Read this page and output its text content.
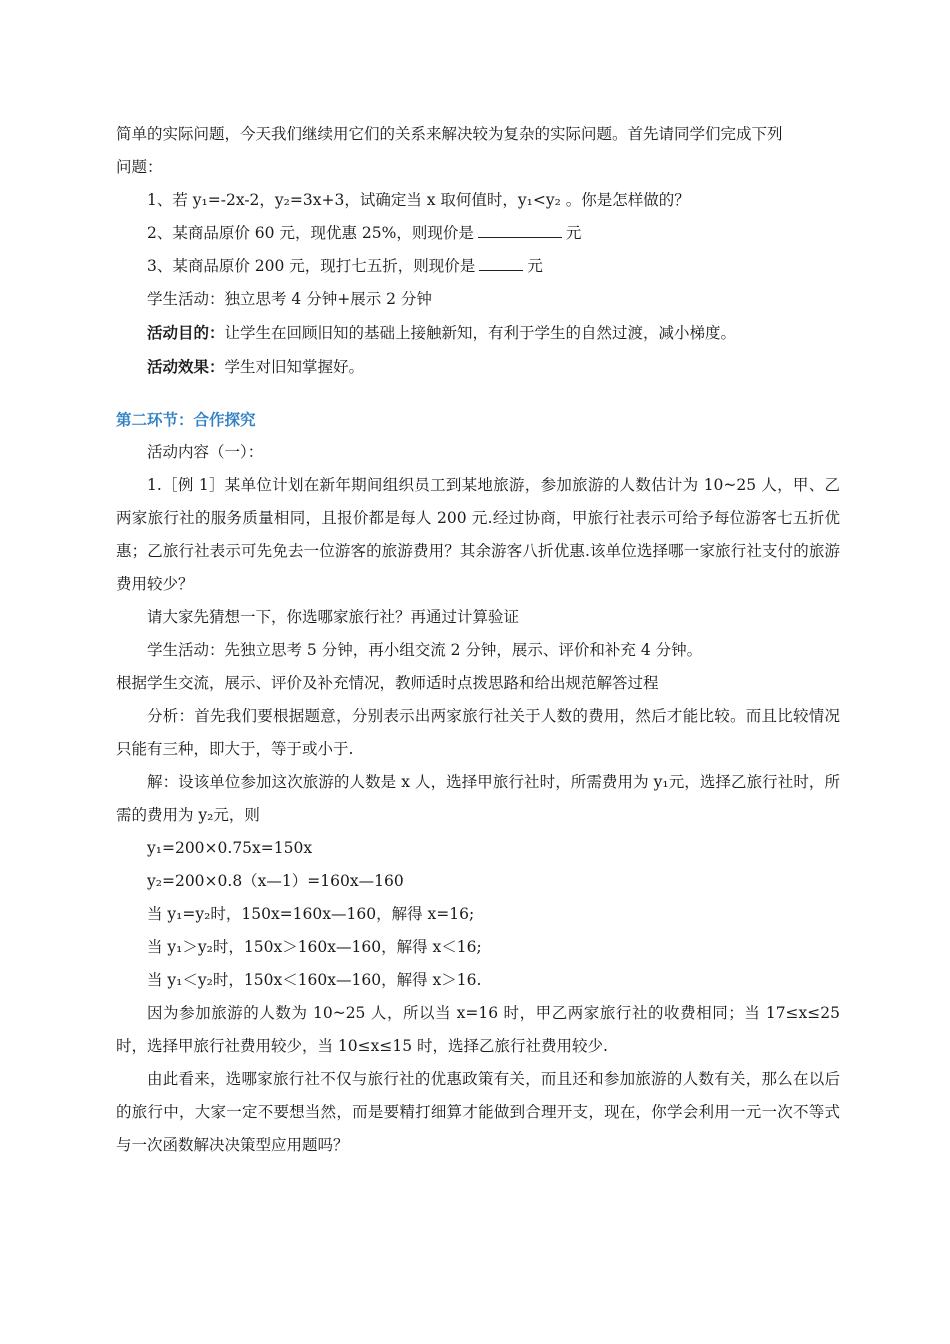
简单的实际问题，今天我们继续用它们的关系来解决较为复杂的实际问题。首先请同学们完成下列

问题：

1、若 y₁=-2x-2，y₂=3x+3，试确定当 x 取何值时，y₁<y₂ 。你是怎样做的？

2、某商品原价 60 元，现优惠 25%，则现价是	元

3、某商品原价 200 元，现打七五折，则现价是	元

学生活动：独立思考 4 分钟+展示 2 分钟

活动目的：让学生在回顾旧知的基础上接触新知，有利于学生的自然过渡，减小梯度。

活动效果：学生对旧知掌握好。

第二环节：合作探究

活动内容（一）：

1.［例 1］某单位计划在新年期间组织员工到某地旅游，参加旅游的人数估计为 10~25 人，甲、乙两家旅行社的服务质量相同，且报价都是每人 200 元.经过协商，甲旅行社表示可给予每位游客七五折优惠；乙旅行社表示可先免去一位游客的旅游费用？其余游客八折优惠.该单位选择哪一家旅行社支付的旅游费用较少？

请大家先猜想一下，你选哪家旅行社？再通过计算验证

学生活动：先独立思考 5 分钟，再小组交流 2 分钟，展示、评价和补充 4 分钟。

根据学生交流，展示、评价及补充情况，教师适时点拨思路和给出规范解答过程

分析：首先我们要根据题意，分别表示出两家旅行社关于人数的费用，然后才能比较。而且比较情况只能有三种，即大于，等于或小于.

解：设该单位参加这次旅游的人数是 x 人，选择甲旅行社时，所需费用为 y₁元，选择乙旅行社时，所需的费用为 y₂元，则

y₁=200×0.75x=150x

y₂=200×0.8（x—1）=160x—160

当 y₁=y₂时，150x=160x—160，解得 x=16;

当 y₁＞y₂时，150x＞160x—160，解得 x＜16;

当 y₁＜y₂时，150x＜160x—160，解得 x＞16.

因为参加旅游的人数为 10~25 人，所以当 x=16 时，甲乙两家旅行社的收费相同；当 17≤x≤25 时，选择甲旅行社费用较少，当 10≤x≤15 时，选择乙旅行社费用较少.

由此看来，选哪家旅行社不仅与旅行社的优惠政策有关，而且还和参加旅游的人数有关，那么在以后的旅行中，大家一定不要想当然，而是要精打细算才能做到合理开支，现在，你学会利用一元一次不等式与一次函数解决决策型应用题吗？
